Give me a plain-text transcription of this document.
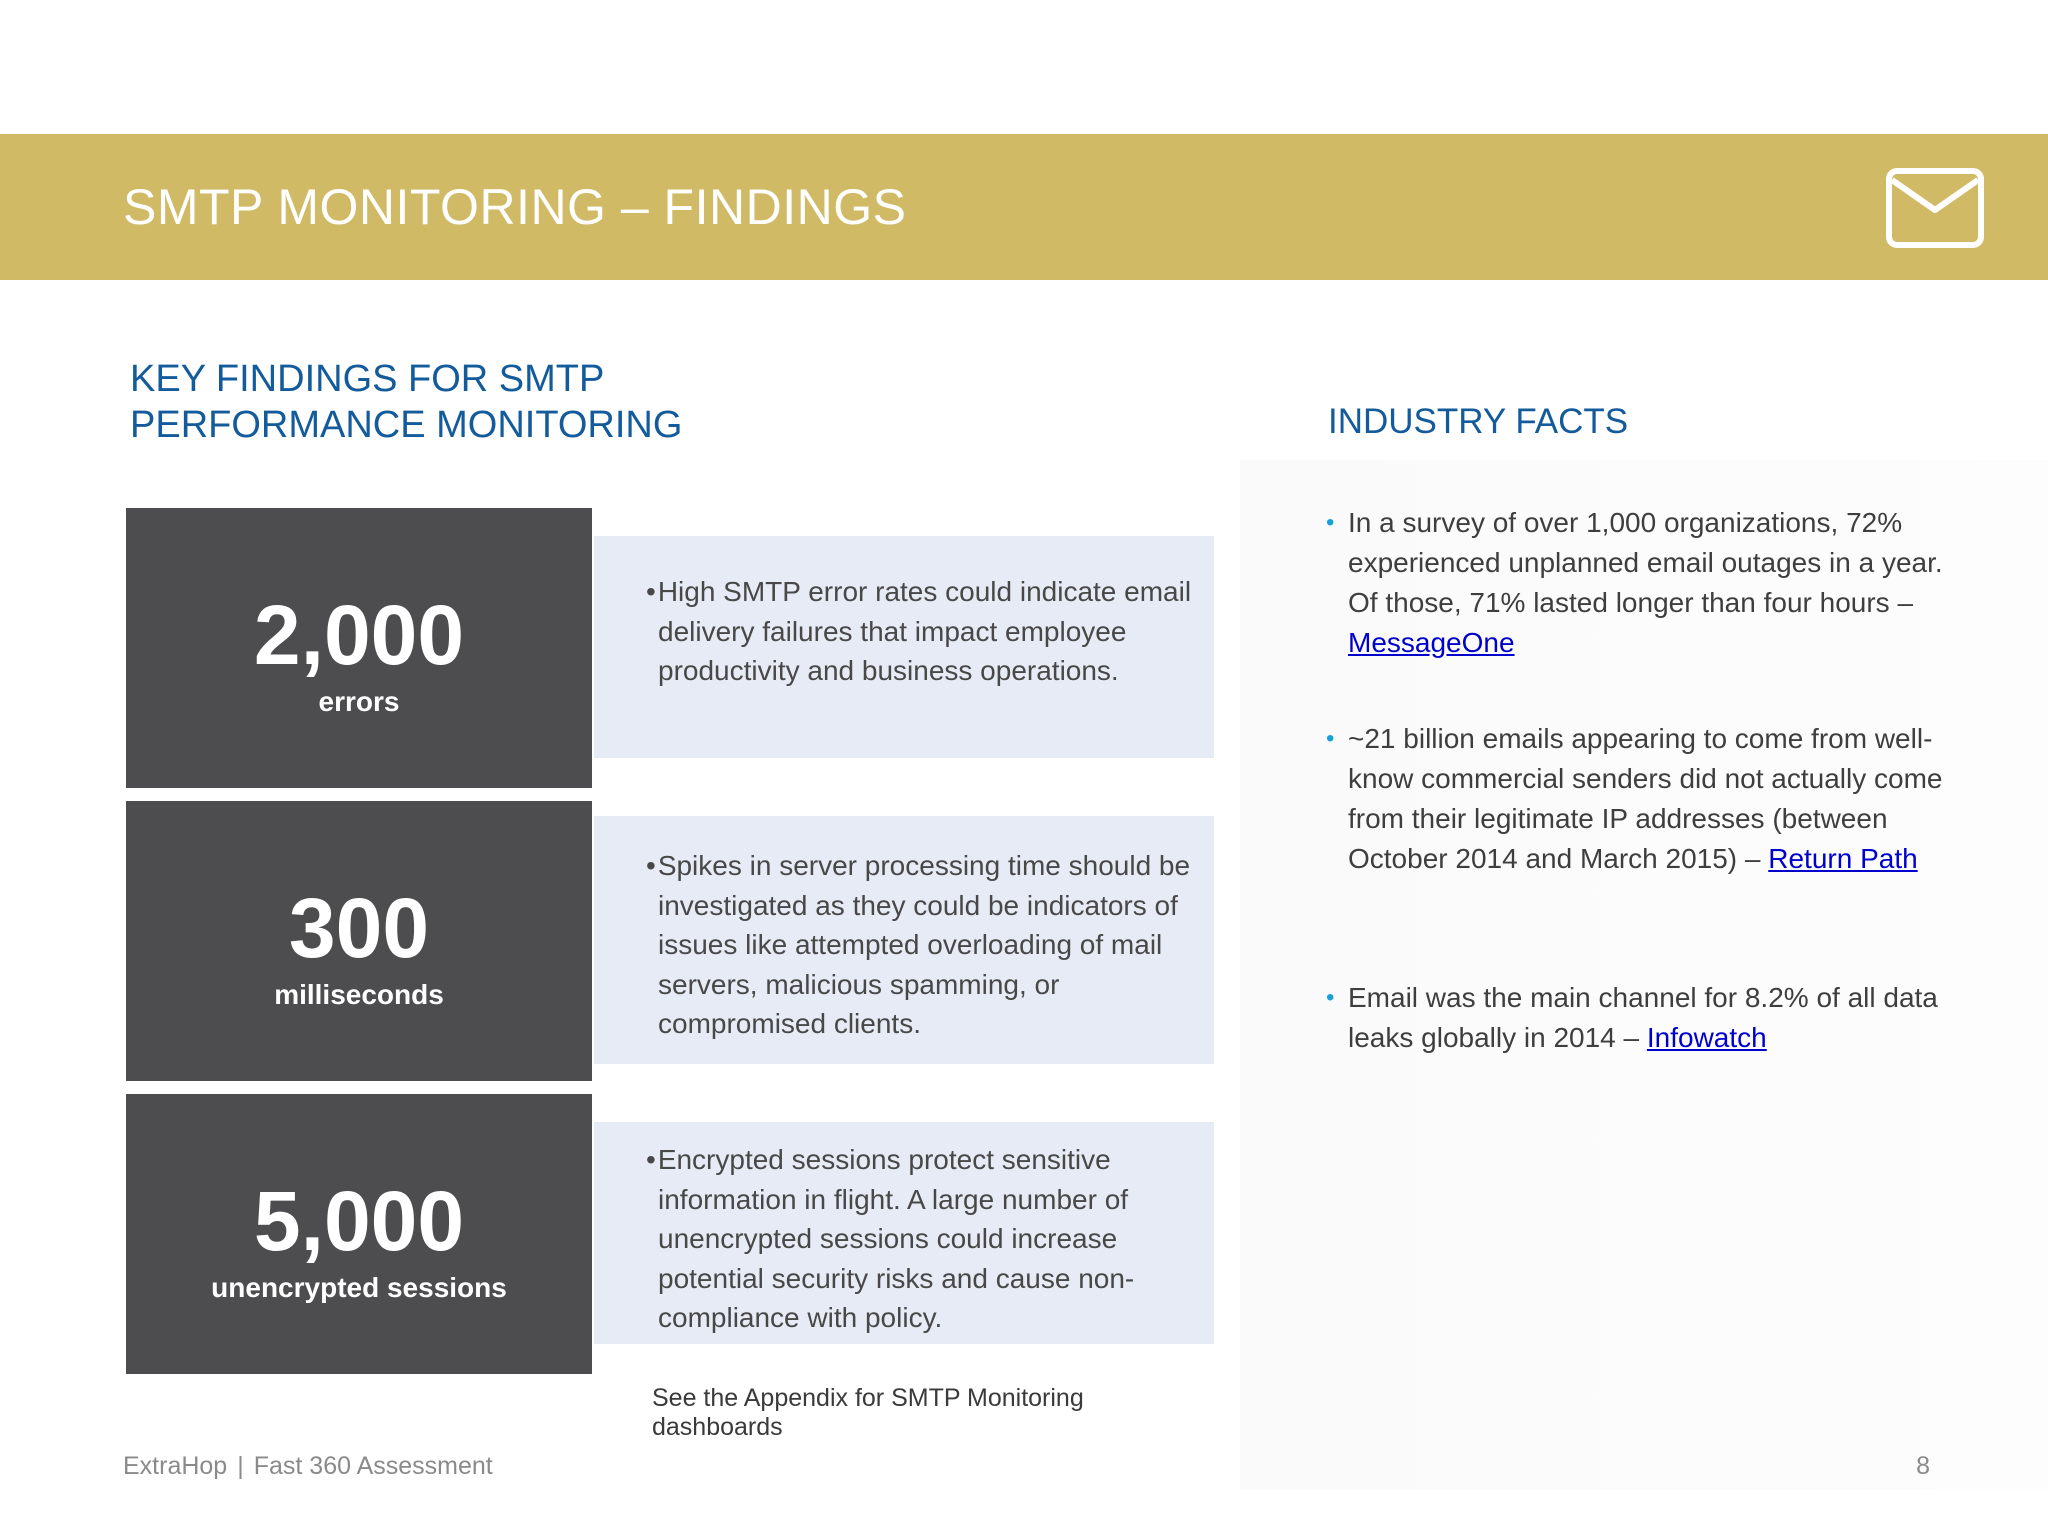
SMTP MONITORING – FINDINGS
KEY FINDINGS FOR SMTP
PERFORMANCE MONITORING	INDUSTRY FACTS
2,000
errors
•High SMTP error rates could indicate email delivery failures that impact employee productivity and business operations.
300
milliseconds
•Spikes in server processing time should be investigated as they could be indicators of issues like attempted overloading of mail servers, malicious spamming, or compromised clients.
5,000
unencrypted sessions
•Encrypted sessions protect sensitive information in flight. A large number of unencrypted sessions could increase potential security risks and cause non-compliance with policy.
See the Appendix for SMTP Monitoring dashboards
• In a survey of over 1,000 organizations, 72% experienced unplanned email outages in a year. Of those, 71% lasted longer than four hours – MessageOne
• ~21 billion emails appearing to come from well-know commercial senders did not actually come from their legitimate IP addresses (between October 2014 and March 2015) – Return Path
• Email was the main channel for 8.2% of all data leaks globally in 2014 – Infowatch
ExtraHop | Fast 360 Assessment	8
